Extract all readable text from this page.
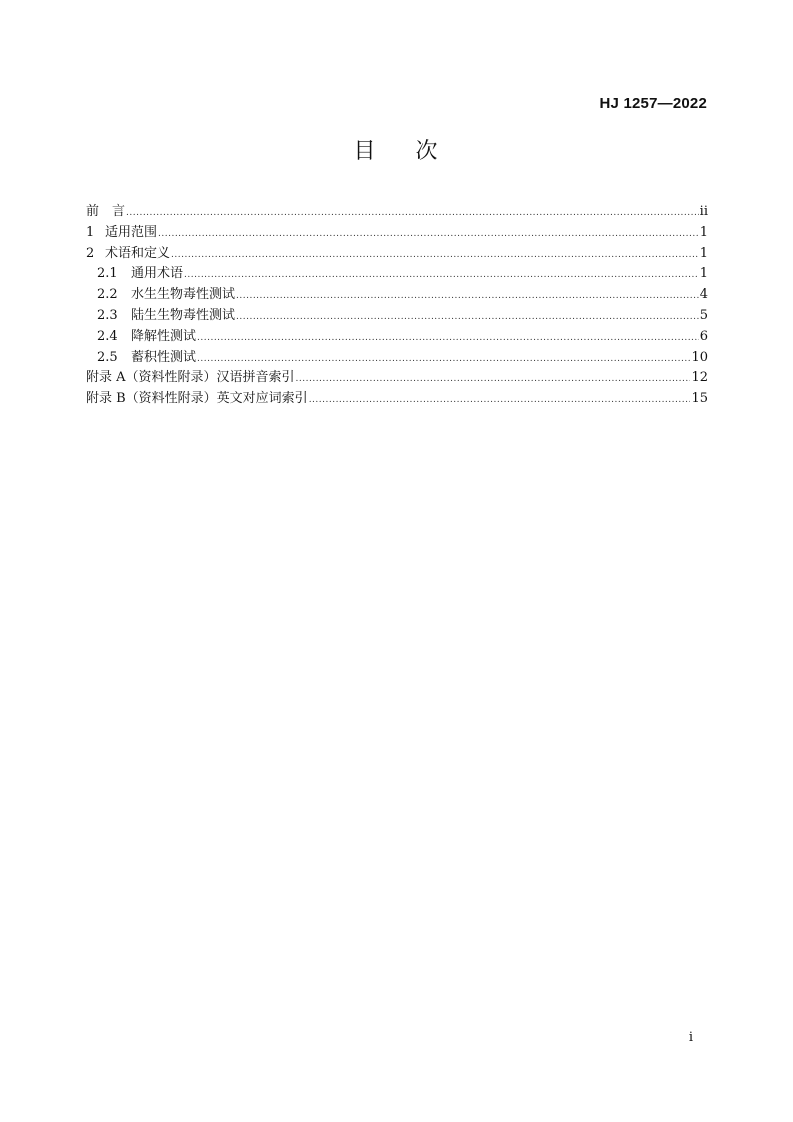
HJ 1257—2022
目 次
前　言 .....	ii
1 适用范围 .....	1
2 术语和定义 .....	1
2.1	通用术语 .....	1
2.2	水生生物毒性测试 .....	4
2.3	陆生生物毒性测试 .....	5
2.4	降解性测试 .....	6
2.5	蓄积性测试 .....	10
附录 A（资料性附录）汉语拼音索引 .....	12
附录 B（资料性附录）英文对应词索引 .....	15
i
